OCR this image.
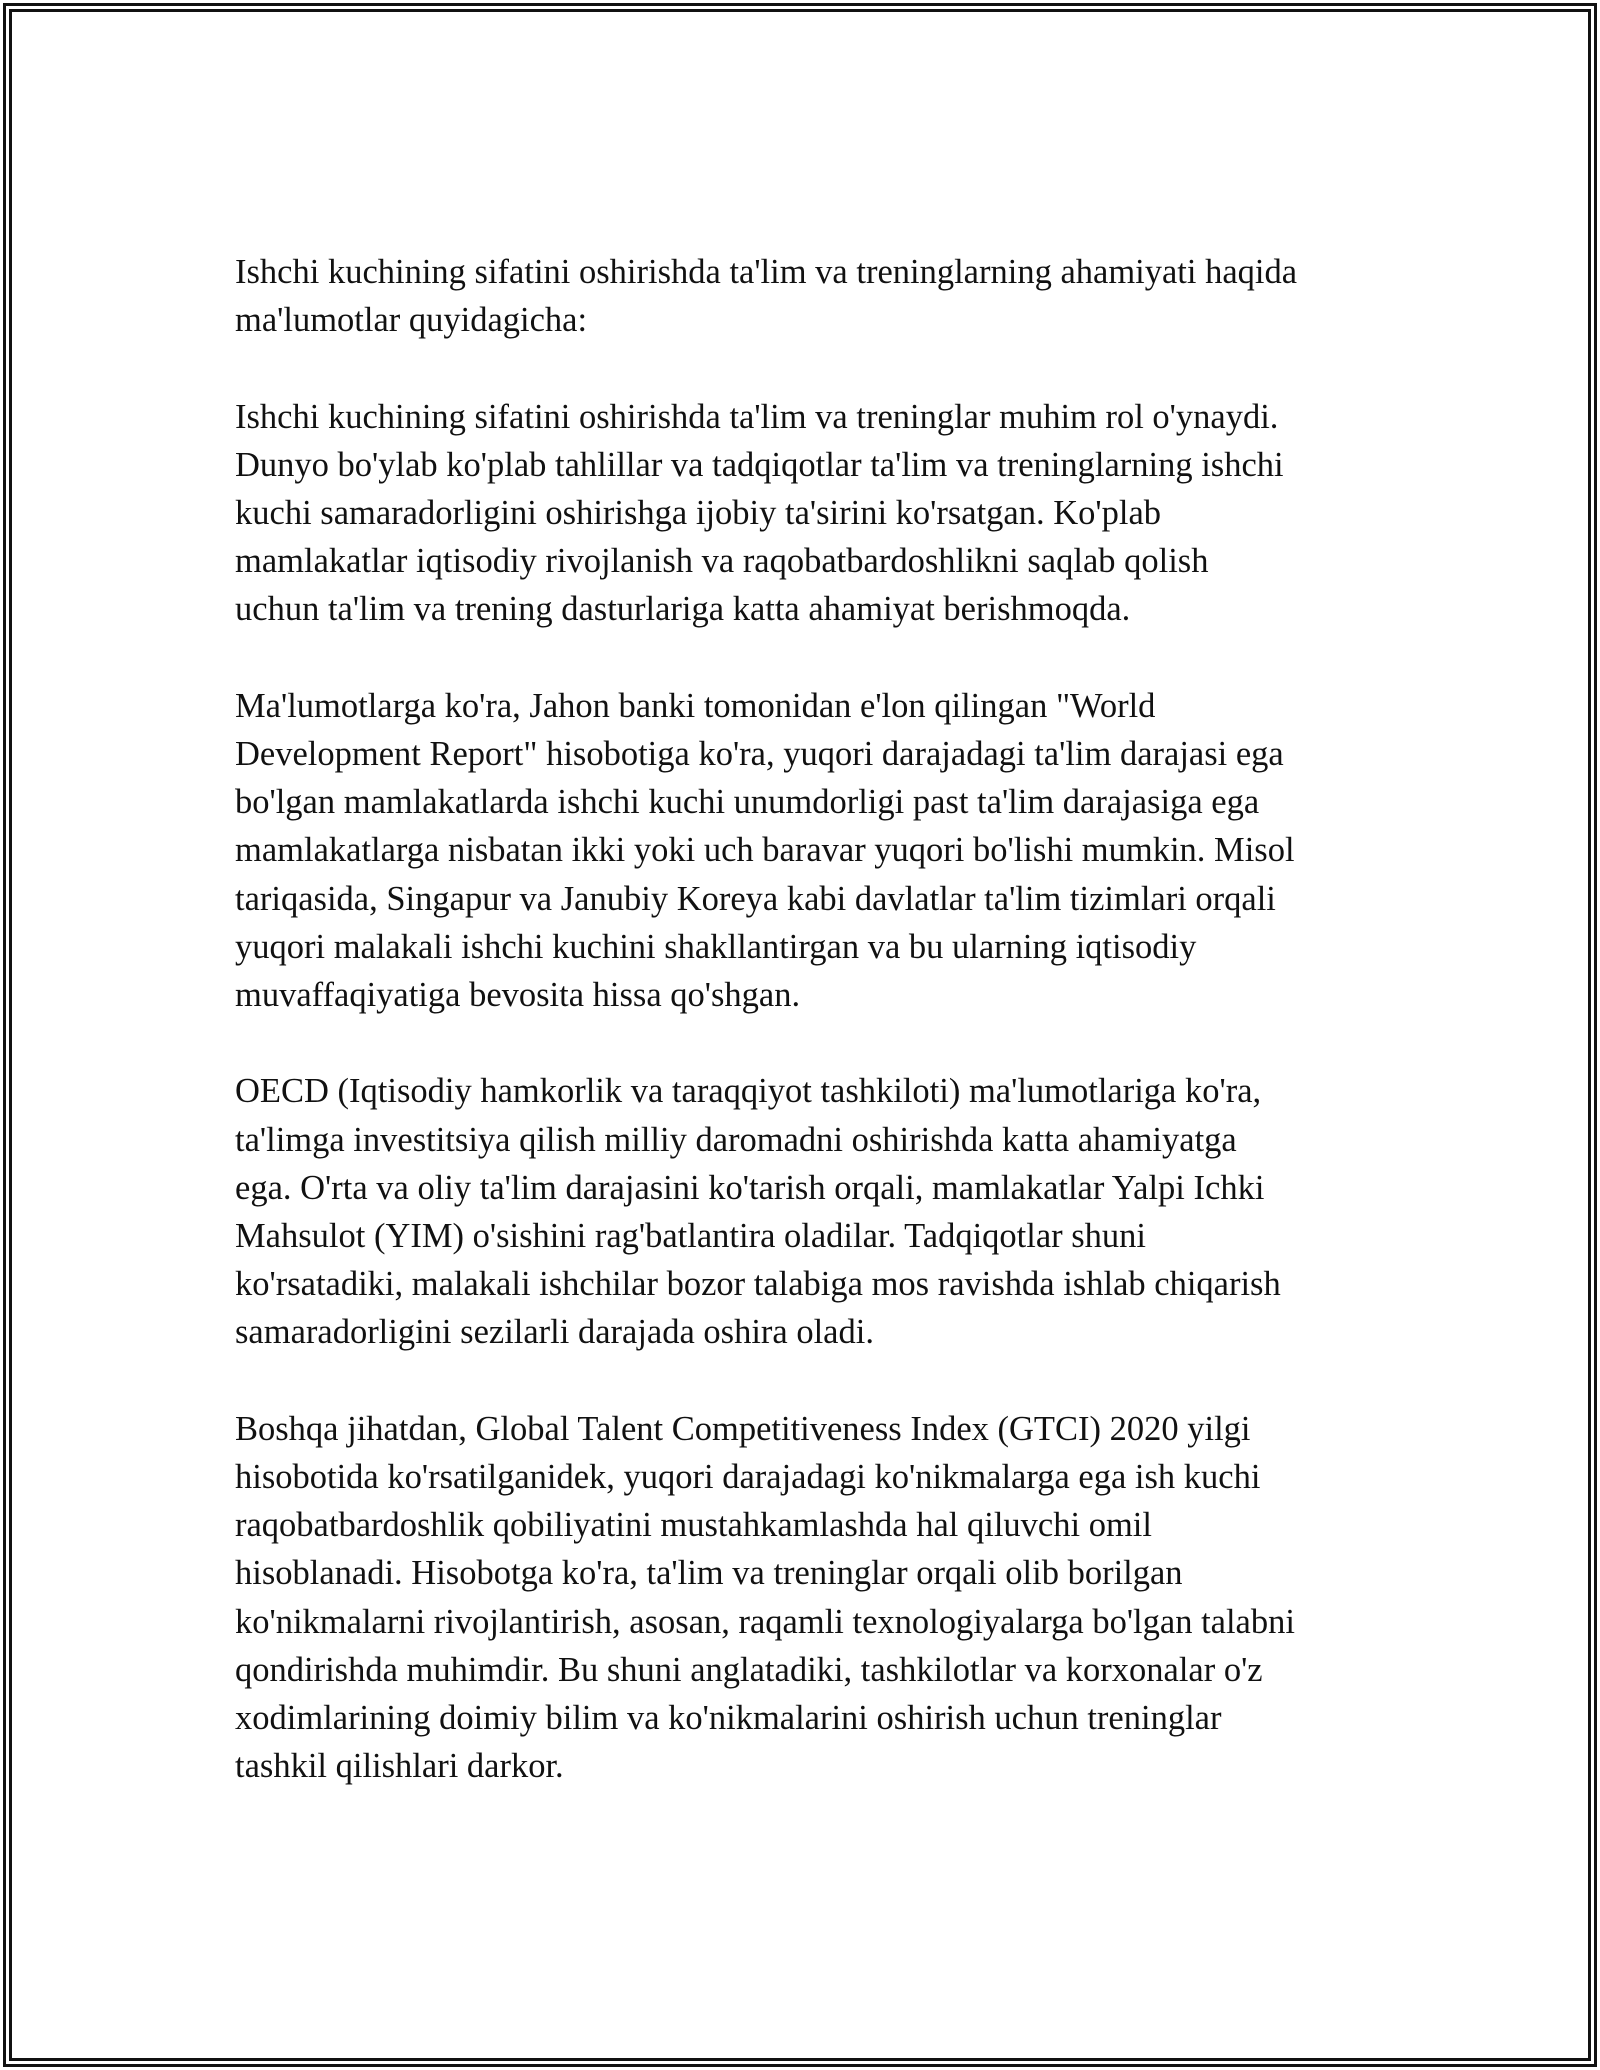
Ishchi kuchining sifatini oshirishda ta'lim va treninglarning ahamiyati haqida
ma'lumotlar quyidagicha:

Ishchi kuchining sifatini oshirishda ta'lim va treninglar muhim rol o'ynaydi.
Dunyo bo'ylab ko'plab tahlillar va tadqiqotlar ta'lim va treninglarning ishchi
kuchi samaradorligini oshirishga ijobiy ta'sirini ko'rsatgan. Ko'plab
mamlakatlar iqtisodiy rivojlanish va raqobatbardoshlikni saqlab qolish
uchun ta'lim va trening dasturlariga katta ahamiyat berishmoqda.

Ma'lumotlarga ko'ra, Jahon banki tomonidan e'lon qilingan "World
Development Report" hisobotiga ko'ra, yuqori darajadagi ta'lim darajasi ega
bo'lgan mamlakatlarda ishchi kuchi unumdorligi past ta'lim darajasiga ega
mamlakatlarga nisbatan ikki yoki uch baravar yuqori bo'lishi mumkin. Misol
tariqasida, Singapur va Janubiy Koreya kabi davlatlar ta'lim tizimlari orqali
yuqori malakali ishchi kuchini shakllantirgan va bu ularning iqtisodiy
muvaffaqiyatiga bevosita hissa qo'shgan.

OECD (Iqtisodiy hamkorlik va taraqqiyot tashkiloti) ma'lumotlariga ko'ra,
ta'limga investitsiya qilish milliy daromadni oshirishda katta ahamiyatga
ega. O'rta va oliy ta'lim darajasini ko'tarish orqali, mamlakatlar Yalpi Ichki
Mahsulot (YIM) o'sishini rag'batlantira oladilar. Tadqiqotlar shuni
ko'rsatadiki, malakali ishchilar bozor talabiga mos ravishda ishlab chiqarish
samaradorligini sezilarli darajada oshira oladi.

Boshqa jihatdan, Global Talent Competitiveness Index (GTCI) 2020 yilgi
hisobotida ko'rsatilganidek, yuqori darajadagi ko'nikmalarga ega ish kuchi
raqobatbardoshlik qobiliyatini mustahkamlashda hal qiluvchi omil
hisoblanadi. Hisobotga ko'ra, ta'lim va treninglar orqali olib borilgan
ko'nikmalarni rivojlantirish, asosan, raqamli texnologiyalarga bo'lgan talabni
qondirishda muhimdir. Bu shuni anglatadiki, tashkilotlar va korxonalar o'z
xodimlarining doimiy bilim va ko'nikmalarini oshirish uchun treninglar
tashkil qilishlari darkor.
